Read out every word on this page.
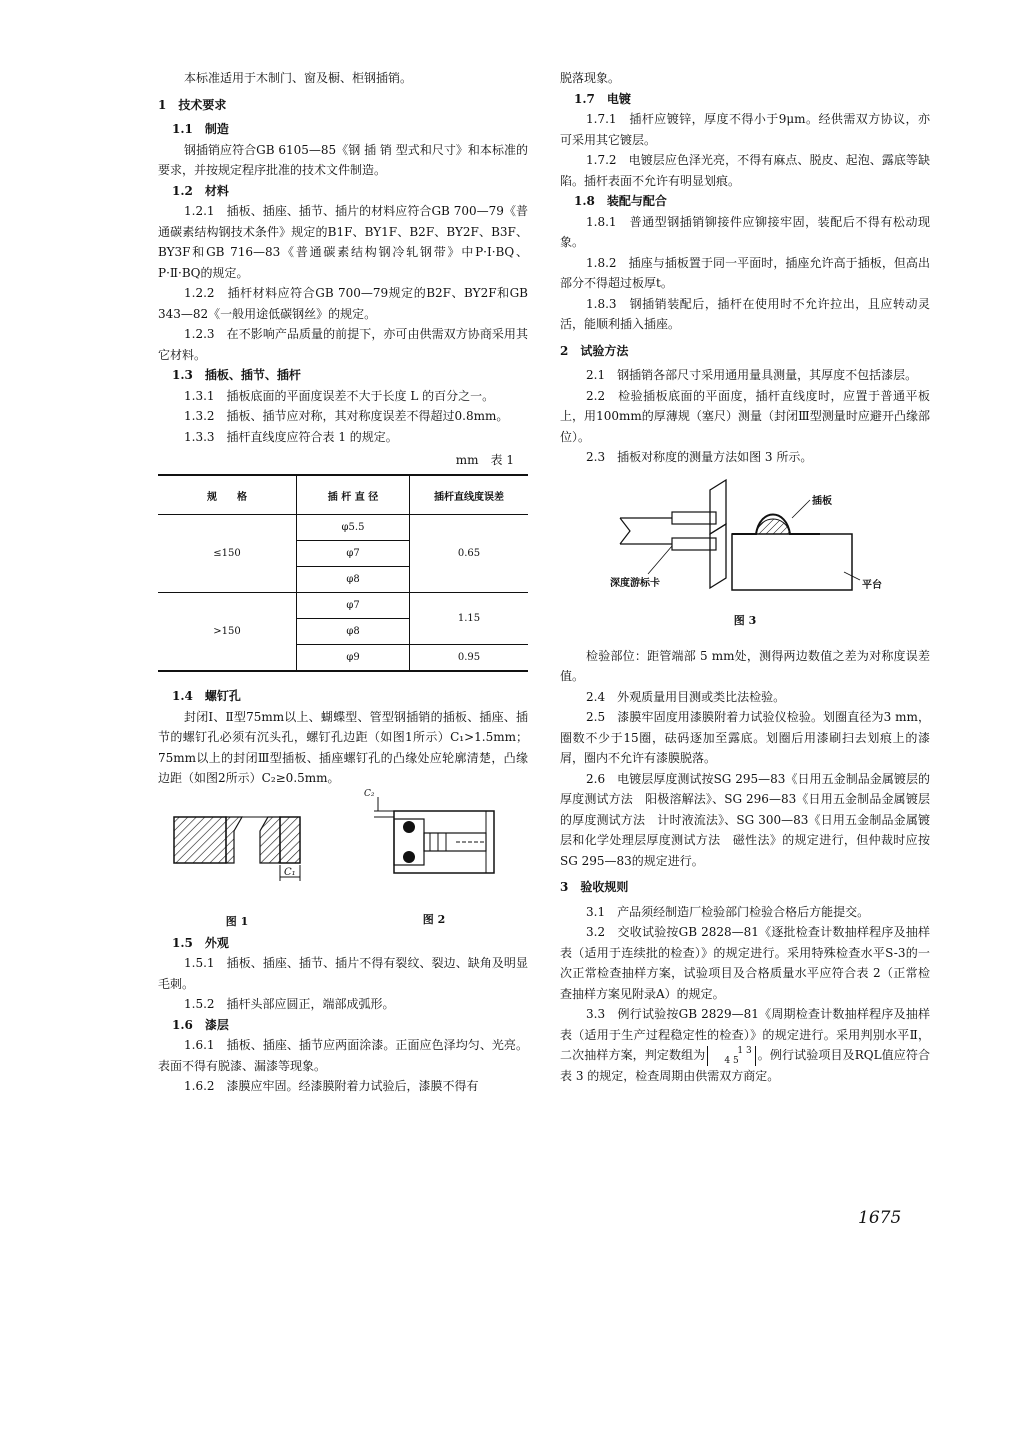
本标准适用于木制门、窗及橱、柜钢插销。

1　技术要求

1.1　制造

钢插销应符合GB 6105—85《钢 插 销 型式和尺寸》和本标准的要求，并按规定程序批准的技术文件制造。

1.2　材料

1.2.1　插板、插座、插节、插片的材料应符合GB 700—79《普通碳素结构钢技术条件》规定的B1F、BY1F、B2F、BY2F、B3F、BY3F和GB 716—83《普通碳素结构钢冷轧钢带》中P·I·BQ、P·Ⅱ·BQ的规定。

1.2.2　插杆材料应符合GB 700—79规定的B2F、BY2F和GB 343—82《一般用途低碳钢丝》的规定。

1.2.3　在不影响产品质量的前提下，亦可由供需双方协商采用其它材料。

1.3　插板、插节、插杆

1.3.1　插板底面的平面度误差不大于长度 L 的百分之一。

1.3.2　插板、插节应对称，其对称度误差不得超过0.8mm。

1.3.3　插杆直线度应符合表 1 的规定。

mm　表 1
规　　格	插 杆 直 径	插杆直线度误差
≤150	φ5.5	0.65
	φ7	
	φ8	
>150	φ7	1.15
	φ8	
	φ9	0.95

1.4　螺钉孔

封闭Ⅰ、Ⅱ型75mm以上、蝴蝶型、管型钢插销的插板、插座、插节的螺钉孔必须有沉头孔，螺钉孔边距（如图1所示）C₁>1.5mm；75mm以上的封闭Ⅲ型插板、插座螺钉孔的凸缘处应轮廓清楚，凸缘边距（如图2所示）C₂≥0.5mm。

C₁
图 1
C₂
图 2

1.5　外观

1.5.1　插板、插座、插节、插片不得有裂纹、裂边、缺角及明显毛刺。

1.5.2　插杆头部应圆正，端部成弧形。

1.6　漆层

1.6.1　插板、插座、插节应两面涂漆。正面应色泽均匀、光亮。表面不得有脱漆、漏漆等现象。

1.6.2　漆膜应牢固。经漆膜附着力试验后，漆膜不得有

脱落现象。

1.7　电镀

1.7.1　插杆应镀锌，厚度不得小于9μm。经供需双方协议，亦可采用其它镀层。

1.7.2　电镀层应色泽光亮，不得有麻点、脱皮、起泡、露底等缺陷。插杆表面不允许有明显划痕。

1.8　装配与配合

1.8.1　普通型钢插销铆接件应铆接牢固，装配后不得有松动现象。

1.8.2　插座与插板置于同一平面时，插座允许高于插板，但高出部分不得超过板厚t。

1.8.3　钢插销装配后，插杆在使用时不允许拉出，且应转动灵活，能顺利插入插座。

2　试验方法

2.1　钢插销各部尺寸采用通用量具测量，其厚度不包括漆层。

2.2　检验插板底面的平面度，插杆直线度时，应置于普通平板上，用100mm的厚薄规（塞尺）测量（封闭Ⅲ型测量时应避开凸缘部位）。

2.3　插板对称度的测量方法如图 3 所示。

插板
深度游标卡	平台
图 3

检验部位：距管端部 5 mm处，测得两边数值之差为对称度误差值。

2.4　外观质量用目测或类比法检验。

2.5　漆膜牢固度用漆膜附着力试验仪检验。划圈直径为3 mm，圈数不少于15圈，砝码逐加至露底。划圈后用漆刷扫去划痕上的漆屑，圈内不允许有漆膜脱落。

2.6　电镀层厚度测试按SG 295—83《日用五金制品金属镀层的厚度测试方法　阳极溶解法》、SG 296—83《日用五金制品金属镀层的厚度测试方法　计时液流法》、SG 300—83《日用五金制品金属镀层和化学处理层厚度测试方法　磁性法》的规定进行，但仲裁时应按SG 295—83的规定进行。

3　验收规则

3.1　产品须经制造厂检验部门检验合格后方能提交。

3.2　交收试验按GB 2828—81《逐批检查计数抽样程序及抽样表（适用于连续批的检查）》的规定进行。采用特殊检查水平S-3的一次正常检查抽样方案，试验项目及合格质量水平应符合表 2（正常检查抽样方案见附录A）的规定。

3.3　例行试验按GB 2829—81《周期检查计数抽样程序及抽样表（适用于生产过程稳定性的检查）》的规定进行。采用判别水平Ⅱ，二次抽样方案，判定数组为	1 3
4 5 。例行试验项目及RQL值应符合表 3 的规定，检查周期由供需双方商定。

1675
